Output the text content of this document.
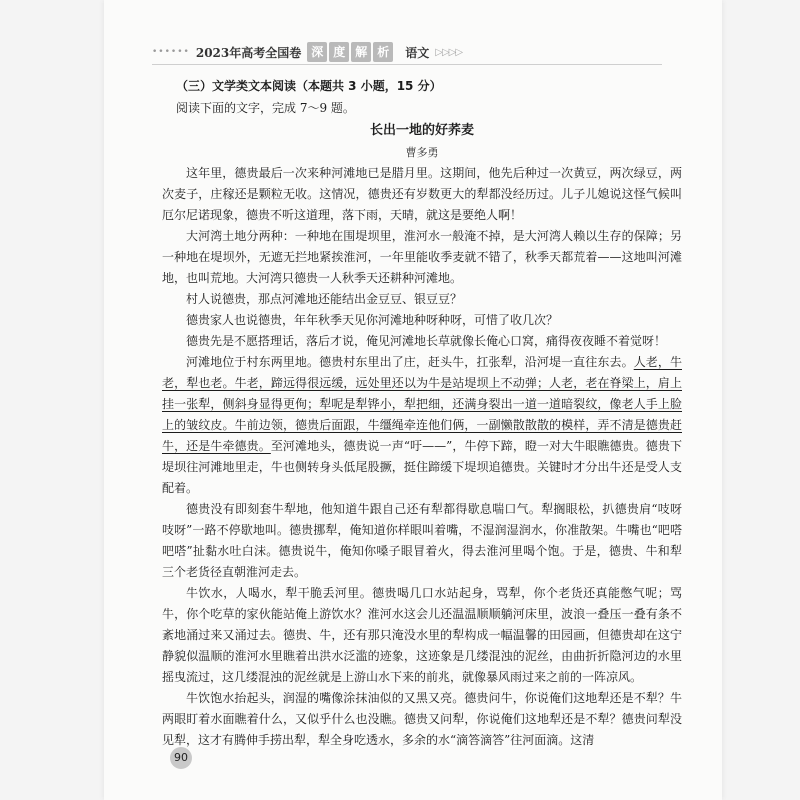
•••••• 2023年高考全国卷 深 度 解 析	语文 ▷▷▷▷
（三）文学类文本阅读（本题共 3 小题，15 分）
阅读下面的文字，完成 7～9 题。
长出一地的好荞麦
曹多勇

这年里，德贵最后一次来种河滩地已是腊月里。这期间，他先后种过一次黄豆，两次绿豆，两次麦子，庄稼还是颗粒无收。这情况，德贵还有岁数更大的犁都没经历过。儿子儿媳说这怪气候叫厄尔尼诺现象，德贵不听这道理，落下雨，天晴，就这是要绝人啊！

大河湾土地分两种：一种地在围堤坝里，淮河水一般淹不掉，是大河湾人赖以生存的保障；另一种地在堤坝外，无遮无拦地紧挨淮河，一年里能收季麦就不错了，秋季天都荒着——这地叫河滩地，也叫荒地。大河湾只德贵一人秋季天还耕种河滩地。

村人说德贵，那点河滩地还能结出金豆豆、银豆豆？

德贵家人也说德贵，年年秋季天见你河滩地种呀种呀，可惜了收几次？

德贵先是不愿搭理话，落后才说，俺见河滩地长草就像长俺心口窝，痛得夜夜睡不着觉呀！

河滩地位于村东两里地。德贵村东里出了庄，赶头牛，扛张犁，沿河堤一直往东去。人老，牛老，犁也老。牛老，蹄远得很远缓，远处里还以为牛是站堤坝上不动弹；人老，老在脊梁上，肩上挂一张犁，侧斜身显得更佝；犁呢是犁铧小，犁把细，还满身裂出一道一道暗裂纹，像老人手上脸上的皱纹皮。牛前边领，德贵后面跟，牛缰绳牵连他们俩，一副懒散散散的模样，弄不清是德贵赶牛，还是牛牵德贵。至河滩地头，德贵说一声“吁——”，牛停下蹄，瞪一对大牛眼瞧德贵。德贵下堤坝往河滩地里走，牛也侧转身头低尾股撅，挺住蹄缓下堤坝追德贵。关键时才分出牛还是受人支配着。

德贵没有即刻套牛犁地，他知道牛跟自己还有犁都得歇息喘口气。犁搁眼松，扒德贵肩“吱呀吱呀”一路不停歇地叫。德贵挪犁，俺知道你样眼叫着嘴，不湿润湿润水，你准散架。牛嘴也“吧嗒吧嗒”扯黏水吐白沫。德贵说牛，俺知你嗓子眼冒着火，得去淮河里喝个饱。于是，德贵、牛和犁三个老货径直朝淮河走去。

牛饮水，人喝水，犁干脆丢河里。德贵喝几口水站起身，骂犁，你个老货还真能憋气呢；骂牛，你个吃草的家伙能站俺上游饮水？淮河水这会儿还温温顺顺躺河床里，波浪一叠压一叠有条不紊地涌过来又涌过去。德贵、牛，还有那只淹没水里的犁构成一幅温馨的田园画，但德贵却在这宁静貌似温顺的淮河水里瞧着出洪水泛滥的迹象，这迹象是几缕混浊的泥丝，由曲折折隐河边的水里摇曳流过，这几缕混浊的泥丝就是上游山水下来的前兆，就像暴风雨过来之前的一阵凉风。

牛饮饱水抬起头，润湿的嘴像涂抹油似的又黑又亮。德贵问牛，你说俺们这地犁还是不犁？牛两眼盯着水面瞧着什么，又似乎什么也没瞧。德贵又问犁，你说俺们这地犁还是不犁？德贵问犁没见犁，这才有腾伸手捞出犁，犁全身吃透水，多余的水“滴答滴答”往河面滴。这清

90
